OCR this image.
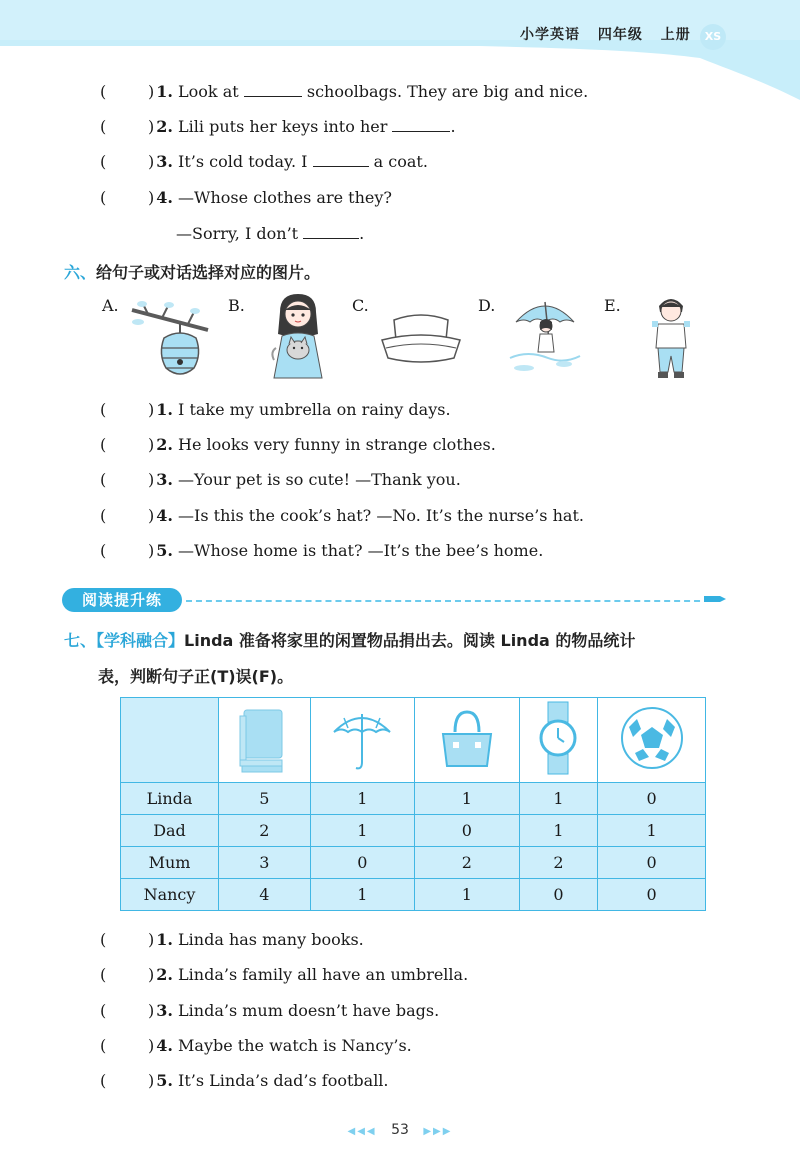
小学英语 四年级 上册	XS
(	) 1. Look at	schoolbags. They are big and nice.
(	) 2. Lili puts her keys into her	.
(	) 3. It’s cold today. I	a coat.
(	) 4. —Whose clothes are they?
—Sorry, I don’t	.
六、给句子或对话选择对应的图片。
A.	B.	C.	D.	E.
(	) 1. I take my umbrella on rainy days.
(	) 2. He looks very funny in strange clothes.
(	) 3. —Your pet is so cute! —Thank you.
(	) 4. —Is this the cook’s hat? —No. It’s the nurse’s hat.
(	) 5. —Whose home is that? —It’s the bee’s home.
阅读提升练
七、【学科融合】Linda 准备将家里的闲置物品捐出去。阅读 Linda 的物品统计
表，判断句子正(T)误(F)。

Linda	5	1	1	1	0
Dad	2	1	0	1	1
Mum	3	0	2	2	0
Nancy	4	1	1	0	0
(	) 1. Linda has many books.
(	) 2. Linda’s family all have an umbrella.
(	) 3. Linda’s mum doesn’t have bags.
(	) 4. Maybe the watch is Nancy’s.
(	) 5. It’s Linda’s dad’s football.
◀◀◀ 53 ▶▶▶
